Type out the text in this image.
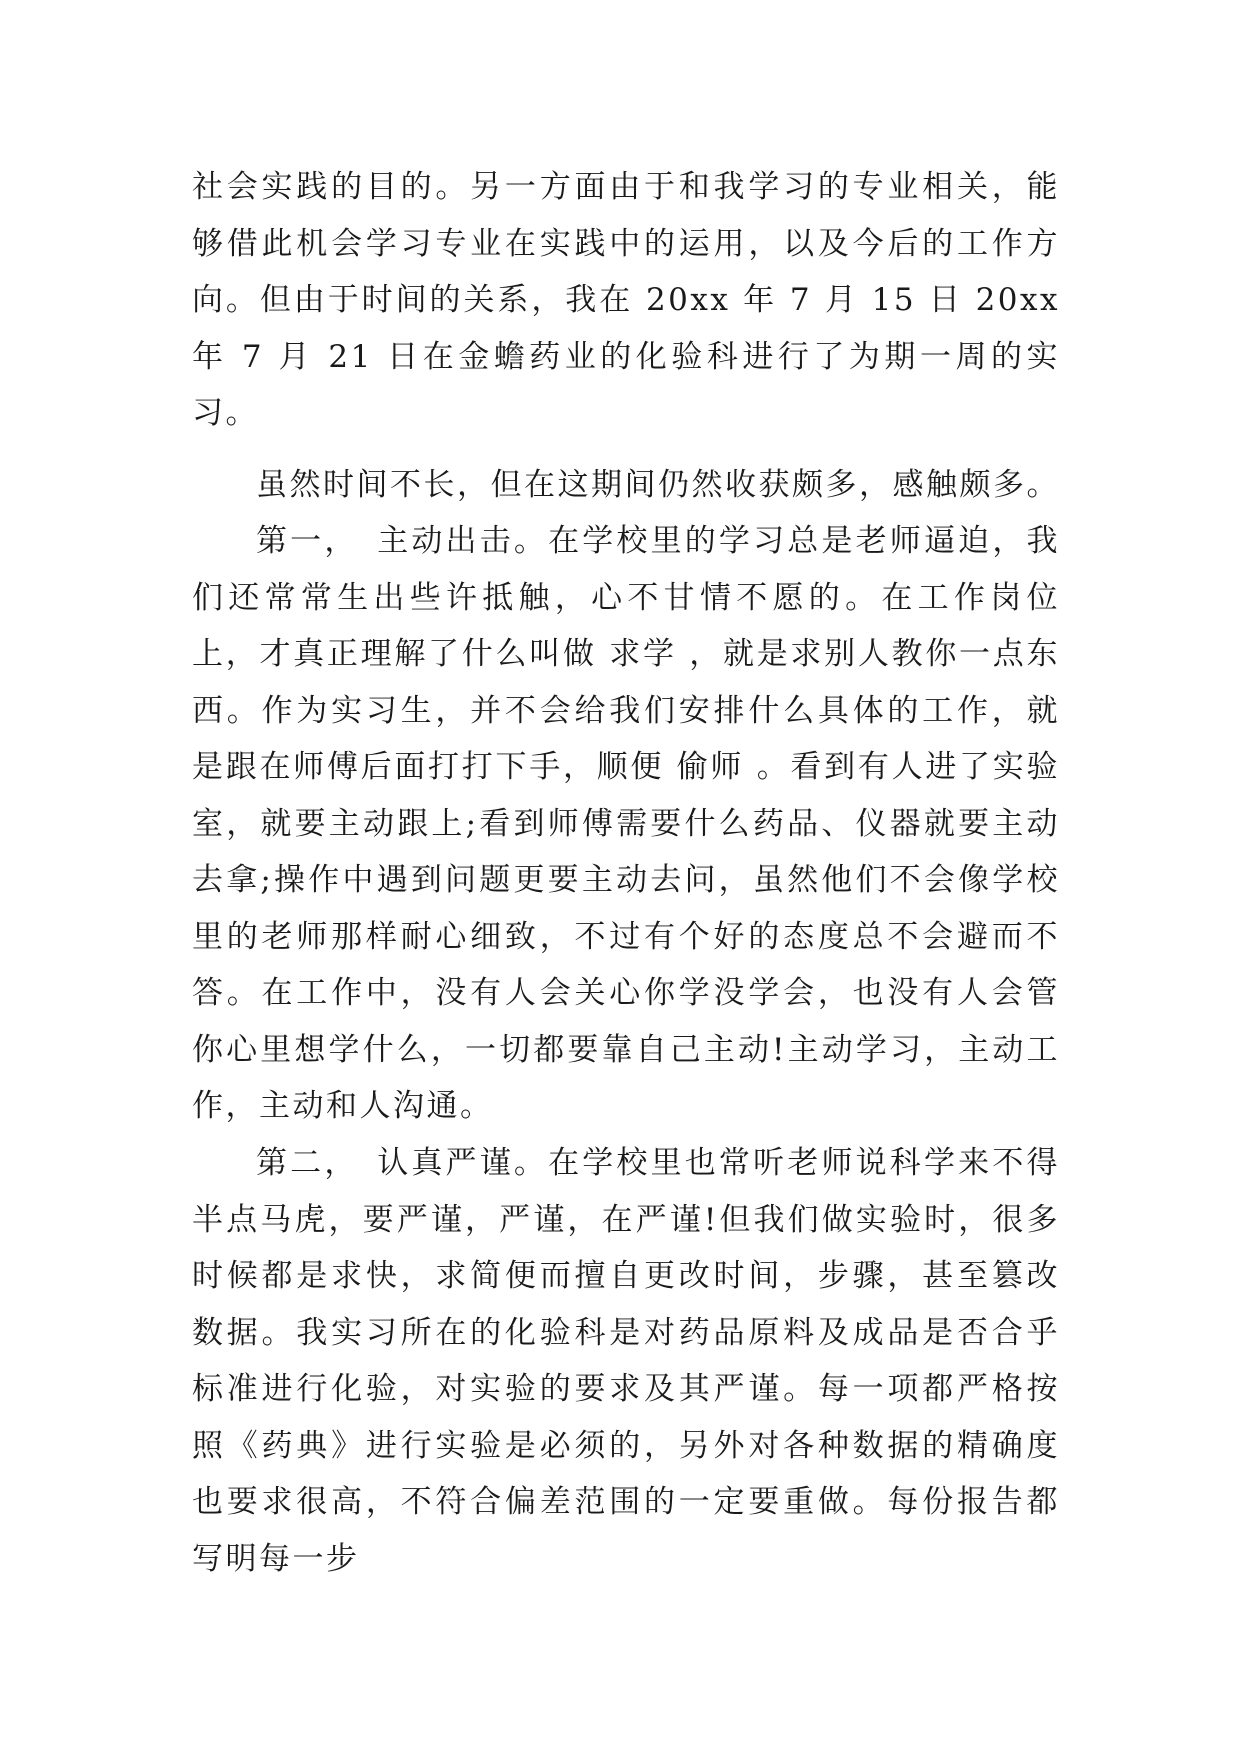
社会实践的目的。另一方面由于和我学习的专业相关，能够借此机会学习专业在实践中的运用，以及今后的工作方向。但由于时间的关系，我在 20xx 年 7 月 15 日 20xx 年 7 月 21 日在金蟾药业的化验科进行了为期一周的实习。

虽然时间不长，但在这期间仍然收获颇多，感触颇多。

第一，　主动出击。在学校里的学习总是老师逼迫，我们还常常生出些许抵触，心不甘情不愿的。在工作岗位上，才真正理解了什么叫做 求学 ，就是求别人教你一点东西。作为实习生，并不会给我们安排什么具体的工作，就是跟在师傅后面打打下手，顺便 偷师 。看到有人进了实验室，就要主动跟上;看到师傅需要什么药品、仪器就要主动去拿;操作中遇到问题更要主动去问，虽然他们不会像学校里的老师那样耐心细致，不过有个好的态度总不会避而不答。在工作中，没有人会关心你学没学会，也没有人会管你心里想学什么，一切都要靠自己主动!主动学习，主动工作，主动和人沟通。

第二，　认真严谨。在学校里也常听老师说科学来不得半点马虎，要严谨，严谨，在严谨!但我们做实验时，很多时候都是求快，求简便而擅自更改时间，步骤，甚至篡改数据。我实习所在的化验科是对药品原料及成品是否合乎标准进行化验，对实验的要求及其严谨。每一项都严格按照《药典》进行实验是必须的，另外对各种数据的精确度也要求很高，不符合偏差范围的一定要重做。每份报告都写明每一步
